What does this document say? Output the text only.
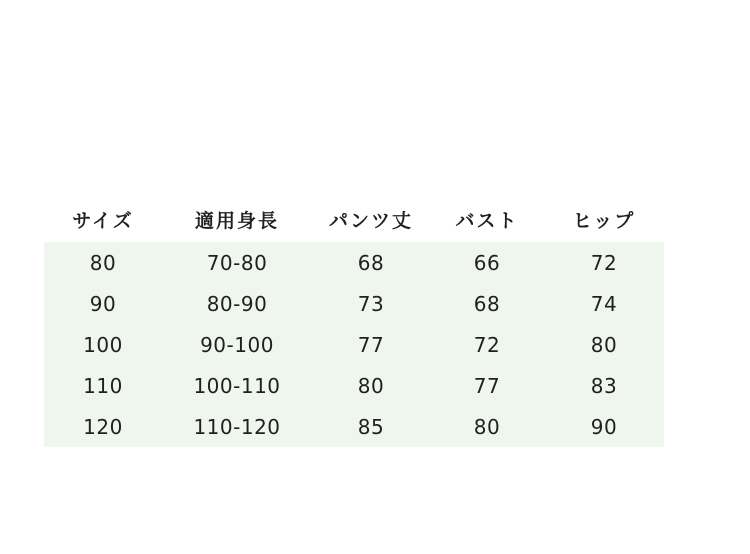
サイズ	適用身長	パンツ丈	バスト	ヒップ
80	70-80	68	66	72
90	80-90	73	68	74
100	90-100	77	72	80
110	100-110	80	77	83
120	110-120	85	80	90
